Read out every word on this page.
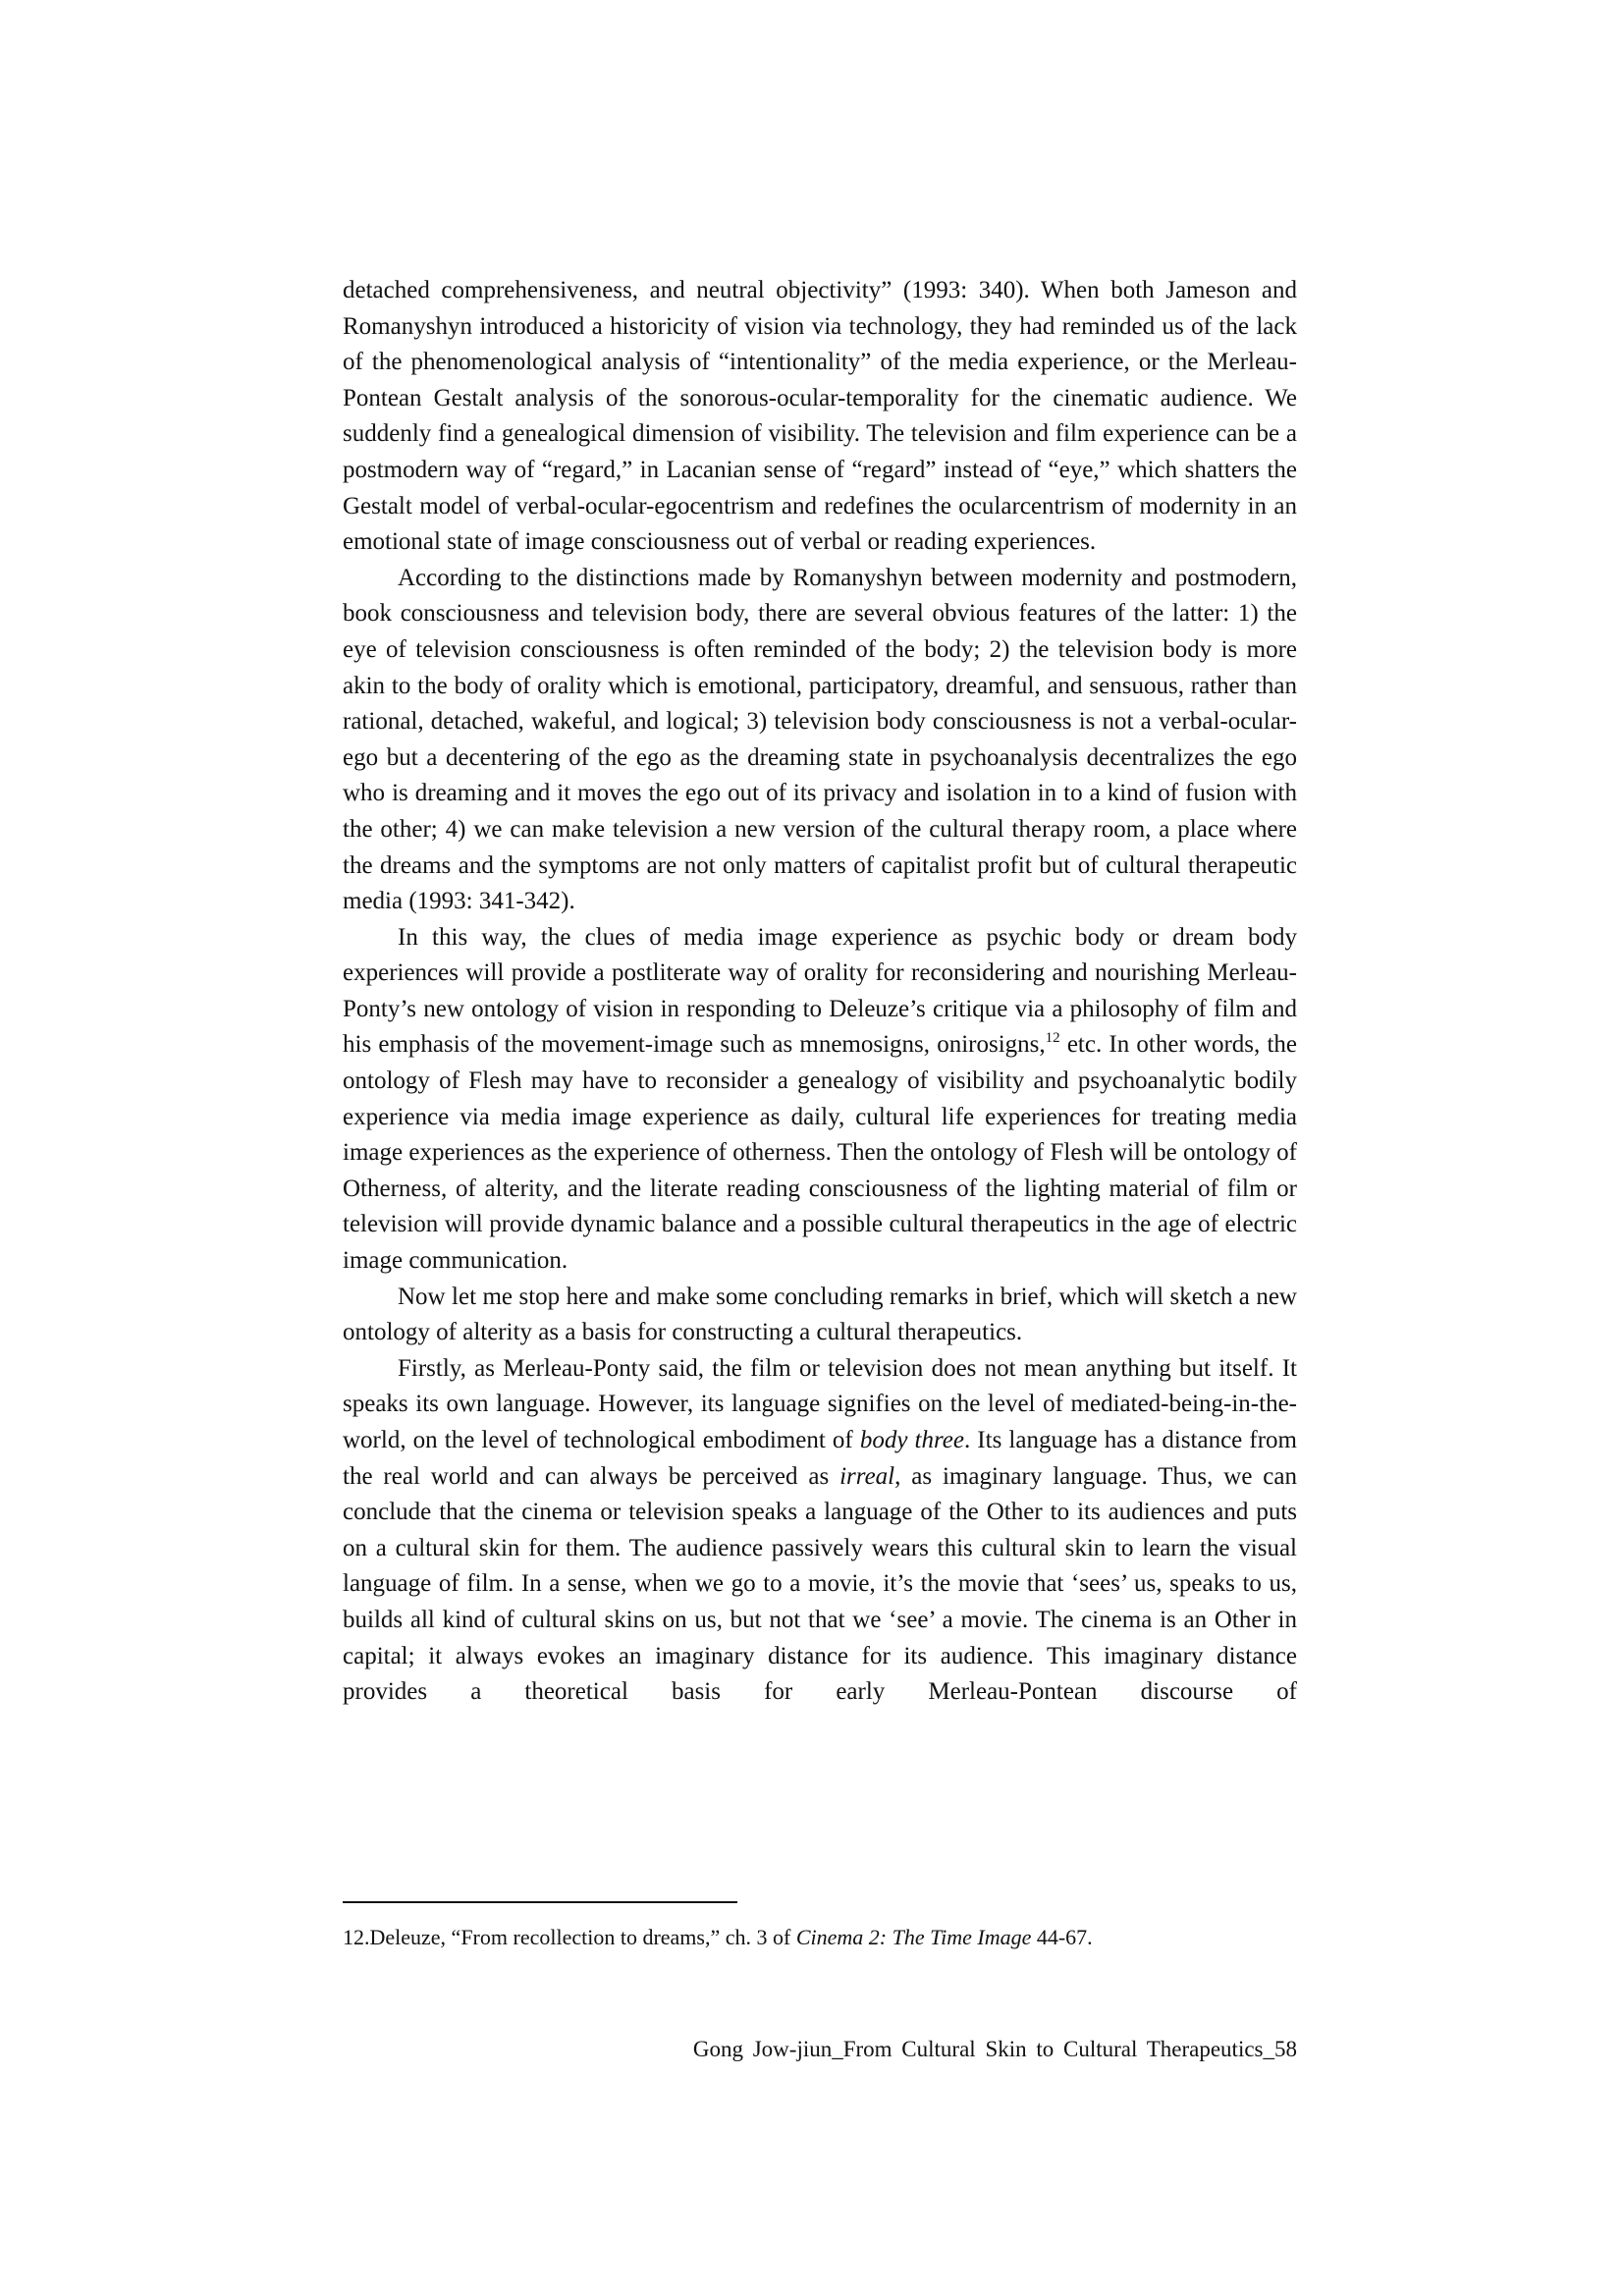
detached comprehensiveness, and neutral objectivity” (1993: 340). When both Jameson and Romanyshyn introduced a historicity of vision via technology, they had reminded us of the lack of the phenomenological analysis of “intentionality” of the media experience, or the Merleau-Pontean Gestalt analysis of the sonorous-ocular-temporality for the cinematic audience. We suddenly find a genealogical dimension of visibility. The television and film experience can be a postmodern way of “regard,” in Lacanian sense of “regard” instead of “eye,” which shatters the Gestalt model of verbal-ocular-egocentrism and redefines the ocularcentrism of modernity in an emotional state of image consciousness out of verbal or reading experiences.

According to the distinctions made by Romanyshyn between modernity and postmodern, book consciousness and television body, there are several obvious features of the latter: 1) the eye of television consciousness is often reminded of the body; 2) the television body is more akin to the body of orality which is emotional, participatory, dreamful, and sensuous, rather than rational, detached, wakeful, and logical; 3) television body consciousness is not a verbal-ocular-ego but a decentering of the ego as the dreaming state in psychoanalysis decentralizes the ego who is dreaming and it moves the ego out of its privacy and isolation in to a kind of fusion with the other; 4) we can make television a new version of the cultural therapy room, a place where the dreams and the symptoms are not only matters of capitalist profit but of cultural therapeutic media (1993: 341-342).

In this way, the clues of media image experience as psychic body or dream body experiences will provide a postliterate way of orality for reconsidering and nourishing Merleau-Ponty’s new ontology of vision in responding to Deleuze’s critique via a philosophy of film and his emphasis of the movement-image such as mnemosigns, onirosigns,$^{12}$ etc. In other words, the ontology of Flesh may have to reconsider a genealogy of visibility and psychoanalytic bodily experience via media image experience as daily, cultural life experiences for treating media image experiences as the experience of otherness. Then the ontology of Flesh will be ontology of Otherness, of alterity, and the literate reading consciousness of the lighting material of film or television will provide dynamic balance and a possible cultural therapeutics in the age of electric image communication.

Now let me stop here and make some concluding remarks in brief, which will sketch a new ontology of alterity as a basis for constructing a cultural therapeutics.

Firstly, as Merleau-Ponty said, the film or television does not mean anything but itself. It speaks its own language. However, its language signifies on the level of mediated-being-in-the-world, on the level of technological embodiment of body three. Its language has a distance from the real world and can always be perceived as irreal, as imaginary language. Thus, we can conclude that the cinema or television speaks a language of the Other to its audiences and puts on a cultural skin for them. The audience passively wears this cultural skin to learn the visual language of film. In a sense, when we go to a movie, it’s the movie that ‘sees’ us, speaks to us, builds all kind of cultural skins on us, but not that we ‘see’ a movie. The cinema is an Other in capital; it always evokes an imaginary distance for its audience. This imaginary distance provides a theoretical basis for early Merleau-Pontean discourse of

12.Deleuze, “From recollection to dreams,” ch. 3 of Cinema 2: The Time Image 44-67.
Gong Jow-jiun_From Cultural Skin to Cultural Therapeutics_58
